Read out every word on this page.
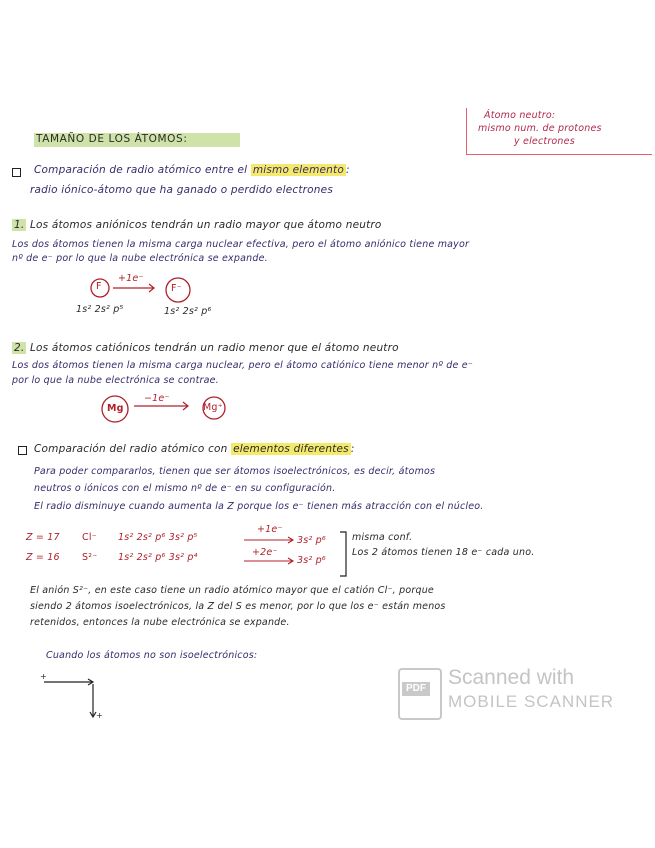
Átomo neutro:
mismo num. de protones
y electrones
TAMAÑO DE LOS ÁTOMOS:
Comparación de radio atómico entre el mismo elemento :
radio iónico-átomo que ha ganado o perdido electrones
1. Los átomos aniónicos tendrán un radio mayor que átomo neutro
Los dos átomos tienen la misma carga nuclear efectiva, pero el átomo aniónico tiene mayor
nº de e⁻ por lo que la nube electrónica se expande.
F
+1e⁻
F⁻
1s² 2s² p⁵	1s² 2s² p⁶
2. Los átomos catiónicos tendrán un radio menor que el átomo neutro
Los dos átomos tienen la misma carga nuclear, pero el átomo catiónico tiene menor nº de e⁻
por lo que la nube electrónica se contrae.
Mg
−1e⁻
Mg⁺
Comparación del radio atómico con elementos diferentes :
Para poder compararlos, tienen que ser átomos isoelectrónicos, es decir, átomos
neutros o iónicos con el mismo nº de e⁻ en su configuración.
El radio disminuye cuando aumenta la Z porque los e⁻ tienen más atracción con el núcleo.
Z = 17 Cl⁻ 1s² 2s² p⁶ 3s² p⁵
+1e⁻
3s² p⁶
Z = 16 S²⁻ 1s² 2s² p⁶ 3s² p⁴	+2e⁻
3s² p⁶
misma conf.
Los 2 átomos tienen 18 e⁻ cada uno.
El anión S²⁻, en este caso tiene un radio atómico mayor que el catión Cl⁻, porque
siendo 2 átomos isoelectrónicos, la Z del S es menor, por lo que los e⁻ están menos
retenidos, entonces la nube electrónica se expande.
Cuando los átomos no son isoelectrónicos:
+
+
PDF Scanned with
MOBILE SCANNER
